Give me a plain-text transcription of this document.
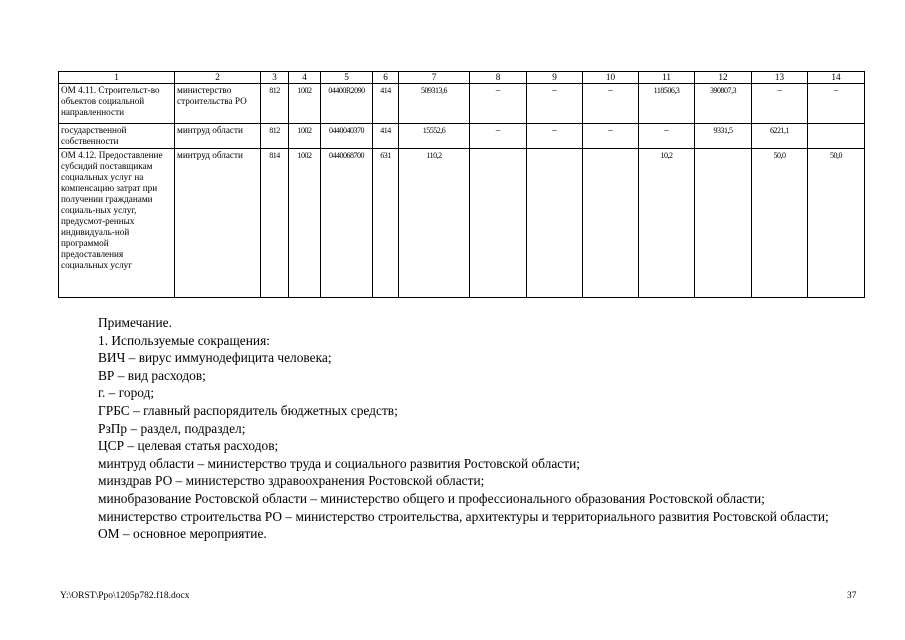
1	2	3	4	5	6	7	8	9	10	11	12	13	14
ОМ 4.11. Строительст-во объектов социальной направленности	министерство строительства РО	812	1002	04400R2090	414	509313,6	–	–	–	118506,3	390807,3	–	–
государственной собственности	минтруд области	812	1002	0440040370	414	15552,6	–	–	–	–	9331,5	6221,1	
ОМ 4.12. Предоставление субсидий поставщикам социальных услуг на компенсацию затрат при получении гражданами социаль-ных услуг, предусмот-ренных индивидуаль-ной программой предоставления социальных услуг	минтруд области	814	1002	0440068700	631	110,2				10,2		50,0	50,0

Примечание.

1. Используемые сокращения:

ВИЧ – вирус иммунодефицита человека;

ВР – вид расходов;

г. – город;

ГРБС – главный распорядитель бюджетных средств;

РзПр – раздел, подраздел;

ЦСР – целевая статья расходов;

минтруд области – министерство труда и социального развития Ростовской области;

минздрав РО – министерство здравоохранения Ростовской области;

минобразование Ростовской области – министерство общего и профессионального образования Ростовской области;

министерство строительства РО – министерство строительства, архитектуры и территориального развития Ростовской области;

ОМ – основное мероприятие.

Y:\ORST\Ppo\1205p782.f18.docx	37
